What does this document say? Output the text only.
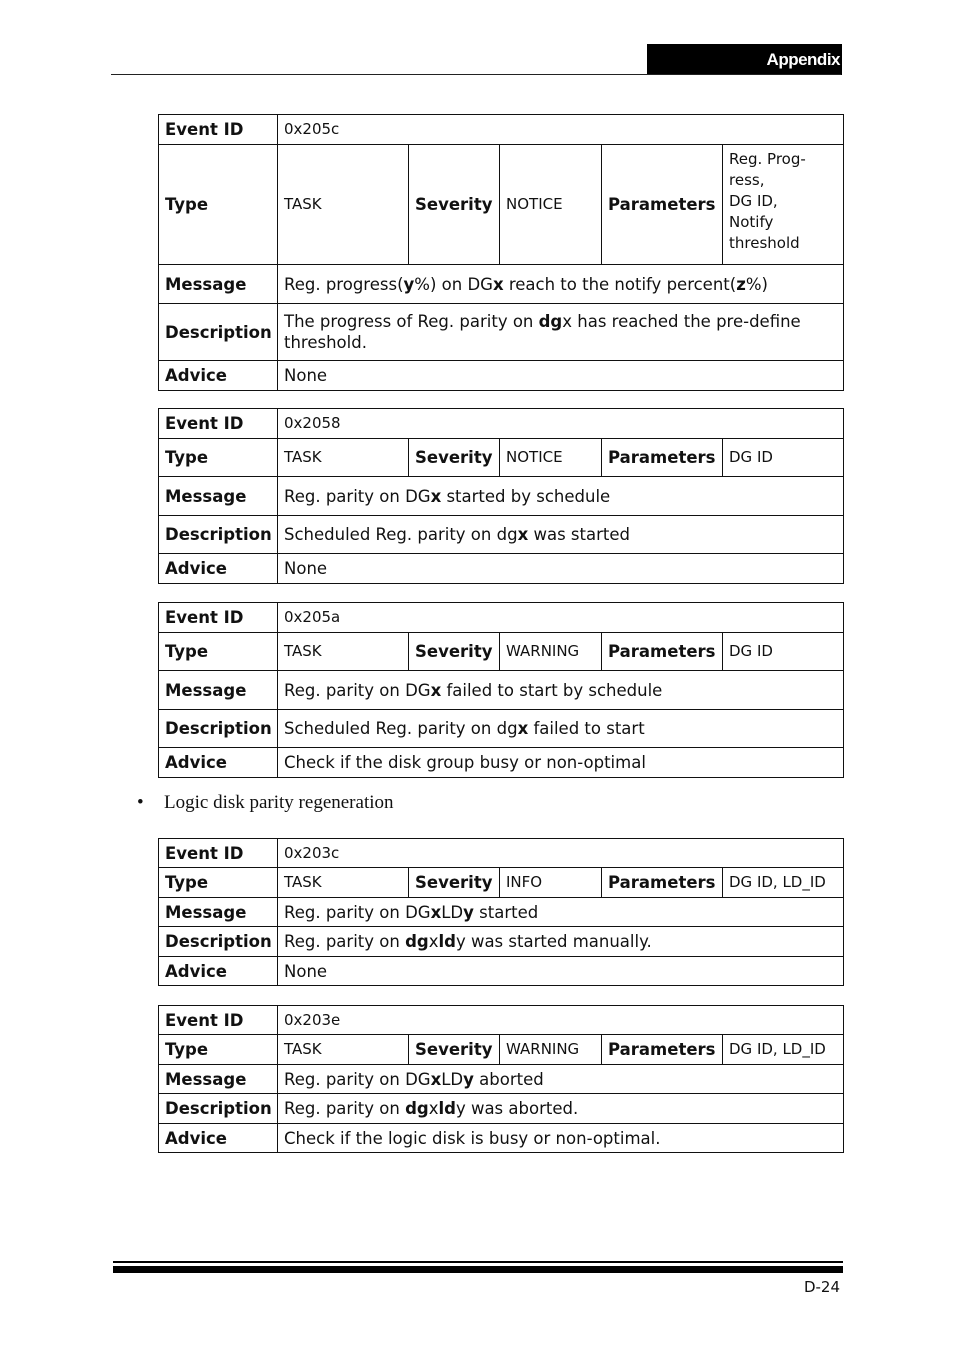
Appendix
Event ID	0x205c				
Type	TASK	Severity	NOTICE	Parameters	Reg. Prog-
ress,
DG ID,
Notify
threshold
Message	Reg. progress(y%) on DGx reach to the notify percent(z%)				
Description	The progress of Reg. parity on dgx has reached the pre-define threshold.				
Advice	None				
Event ID	0x2058				
Type	TASK	Severity	NOTICE	Parameters	DG ID
Message	Reg. parity on DGx started by schedule				
Description	Scheduled Reg. parity on dgx was started				
Advice	None				
Event ID	0x205a				
Type	TASK	Severity	WARNING	Parameters	DG ID
Message	Reg. parity on DGx failed to start by schedule				
Description	Scheduled Reg. parity on dgx failed to start				
Advice	Check if the disk group busy or non-optimal				
• Logic disk parity regeneration
Event ID	0x203c				
Type	TASK	Severity	INFO	Parameters	DG ID, LD_ID
Message	Reg. parity on DGxLDy started				
Description	Reg. parity on dgxldy was started manually.				
Advice	None				
Event ID	0x203e				
Type	TASK	Severity	WARNING	Parameters	DG ID, LD_ID
Message	Reg. parity on DGxLDy aborted				
Description	Reg. parity on dgxldy was aborted.				
Advice	Check if the logic disk is busy or non-optimal.				
D-24
